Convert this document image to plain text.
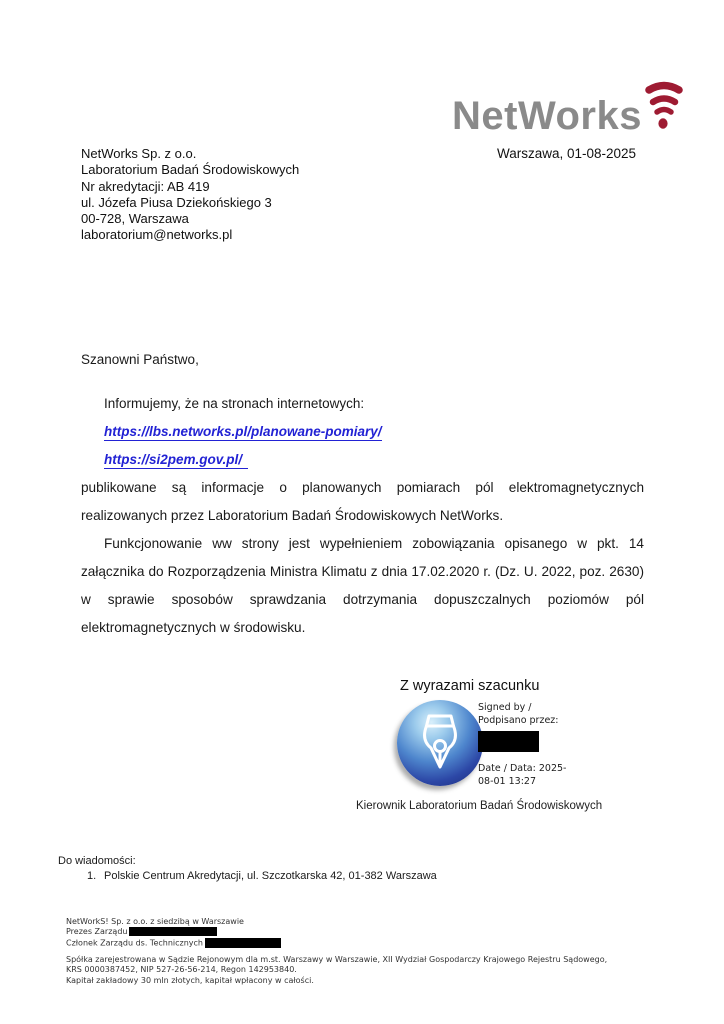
NetWorks
NetWorks Sp. z o.o.
Laboratorium Badań Środowiskowych
Nr akredytacji: AB 419
ul. Józefa Piusa Dziekońskiego 3
00-728, Warszawa
laboratorium@networks.pl
Warszawa, 01-08-2025
Szanowni Państwo,
Informujemy, że na stronach internetowych:
https://lbs.networks.pl/planowane-pomiary/
https://si2pem.gov.pl/
publikowane są informacje o planowanych pomiarach pól elektromagnetycznych
realizowanych przez Laboratorium Badań Środowiskowych NetWorks.
Funkcjonowanie ww strony jest wypełnieniem zobowiązania opisanego w pkt. 14
załącznika do Rozporządzenia Ministra Klimatu z dnia 17.02.2020 r. (Dz. U. 2022, poz. 2630)
w sprawie sposobów sprawdzania dotrzymania dopuszczalnych poziomów pól
elektromagnetycznych w środowisku.
Z wyrazami szacunku
Signed by /
Podpisano przez:
Date / Data: 2025-
08-01 13:27
Kierownik Laboratorium Badań Środowiskowych
Do wiadomości:
1. Polskie Centrum Akredytacji, ul. Szczotkarska 42, 01-382 Warszawa
NetWorkS! Sp. z o.o. z siedzibą w Warszawie
Prezes Zarządu
Członek Zarządu ds. Technicznych
Spółka zarejestrowana w Sądzie Rejonowym dla m.st. Warszawy w Warszawie, XII Wydział Gospodarczy Krajowego Rejestru Sądowego,
KRS 0000387452, NIP 527-26-56-214, Regon 142953840.
Kapitał zakładowy 30 mln złotych, kapitał wpłacony w całości.
